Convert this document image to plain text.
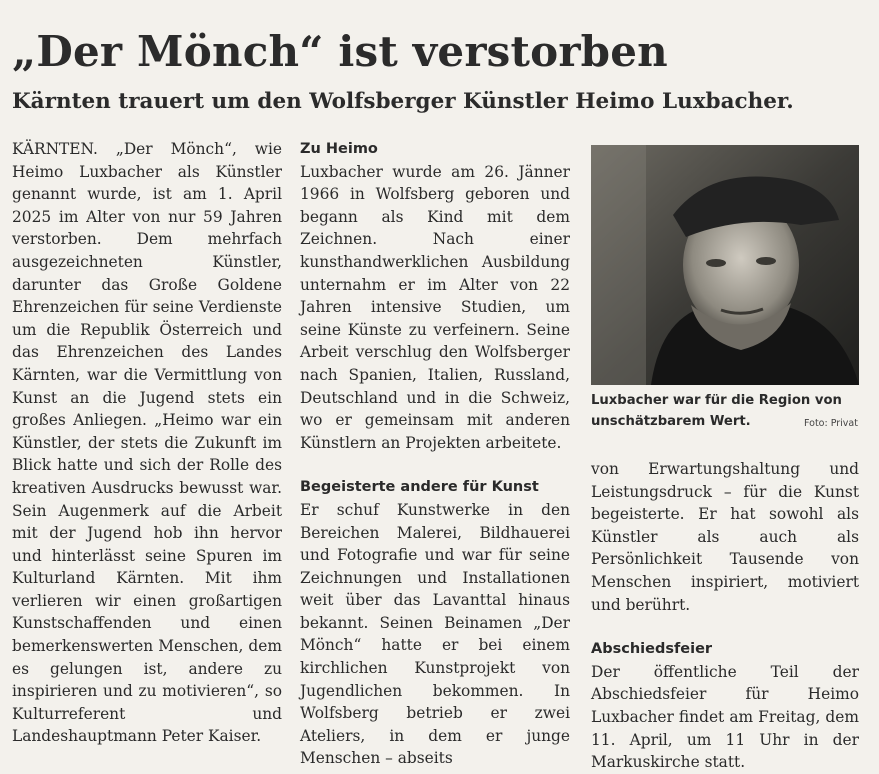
„Der Mönch“ ist verstorben
Kärnten trauert um den Wolfsberger Künstler Heimo Luxbacher.

KÄRNTEN. „Der Mönch“, wie Heimo Luxbacher als Künstler genannt wurde, ist am 1. April 2025 im Alter von nur 59 Jahren verstorben. Dem mehrfach ausgezeichneten Künstler, darunter das Große Goldene Ehrenzeichen für seine Verdienste um die Republik Österreich und das Ehrenzeichen des Landes Kärnten, war die Vermittlung von Kunst an die Jugend stets ein großes Anliegen. „Heimo war ein Künstler, der stets die Zukunft im Blick hatte und sich der Rolle des kreativen Ausdrucks bewusst war. Sein Augenmerk auf die Arbeit mit der Jugend hob ihn hervor und hinterlässt seine Spuren im Kulturland Kärnten. Mit ihm verlieren wir einen großartigen Kunstschaffenden und einen bemerkenswerten Menschen, dem es gelungen ist, andere zu inspirieren und zu motivieren“, so Kulturreferent und Landeshauptmann Peter Kaiser.

Zu Heimo

Luxbacher wurde am 26. Jänner 1966 in Wolfsberg geboren und begann als Kind mit dem Zeichnen. Nach einer kunsthandwerklichen Ausbildung unternahm er im Alter von 22 Jahren intensive Studien, um seine Künste zu verfeinern. Seine Arbeit verschlug den Wolfsberger nach Spanien, Italien, Russland, Deutschland und in die Schweiz, wo er gemeinsam mit anderen Künstlern an Projekten arbeitete.

Begeisterte andere für Kunst

Er schuf Kunstwerke in den Bereichen Malerei, Bildhauerei und Fotografie und war für seine Zeichnungen und Installationen weit über das Lavanttal hinaus bekannt. Seinen Beinamen „Der Mönch“ hatte er bei einem kirchlichen Kunstprojekt von Jugendlichen bekommen. In Wolfsberg betrieb er zwei Ateliers, in dem er junge Menschen – abseits

Luxbacher war für die Region von unschätzbarem Wert.	Foto: Privat

von Erwartungshaltung und Leistungsdruck – für die Kunst begeisterte. Er hat sowohl als Künstler als auch als Persönlichkeit Tausende von Menschen inspiriert, motiviert und berührt.

Abschiedsfeier

Der öffentliche Teil der Abschiedsfeier für Heimo Luxbacher findet am Freitag, dem 11. April, um 11 Uhr in der Markuskirche statt.
